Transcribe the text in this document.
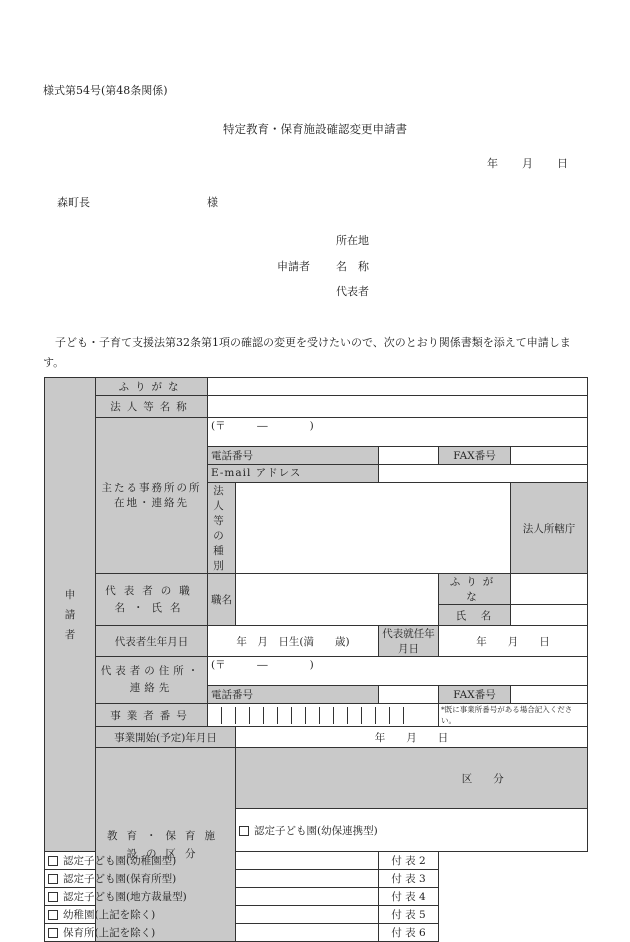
様式第54号(第48条関係)
特定教育・保育施設確認変更申請書
年 月 日
森町長	様
所在地
申請者 名　称
代表者
子ども・子育て支援法第32条第1項の確認の変更を受けたいので、次のとおり関係書類を添えて申請します。
申
請
者	ふりがな						
	法人等名称						
	主たる事務所の所在地・連絡先	(〒　　　―　　　　)					
		電話番号			FAX番号		
		E-mail アドレス					
		法人等の種別				法人所轄庁	
	代表者の職名・氏名	職名			ふりがな		
					氏　名		
	代表者生年月日	年　月　日生(満　　歳)		代表就任年月日	年　　月　　日		
	代表者の住所・連絡先	(〒　　　―　　　　)					
		電話番号			FAX番号		
	事業者番号				*既に事業所番号がある場合記入ください。		
	事業開始(予定)年月日		年　　月　　日				
	教育・保育施設の区分			区　　分	
			認定子ども園(幼保連携型)	
認定子ども園(幼稚園型)				付 表 2			
認定子ども園(保育所型)				付 表 3			
認定子ども園(地方裁量型)				付 表 4			
幼稚園(上記を除く)				付 表 5			
保育所(上記を除く)				付 表 6			
